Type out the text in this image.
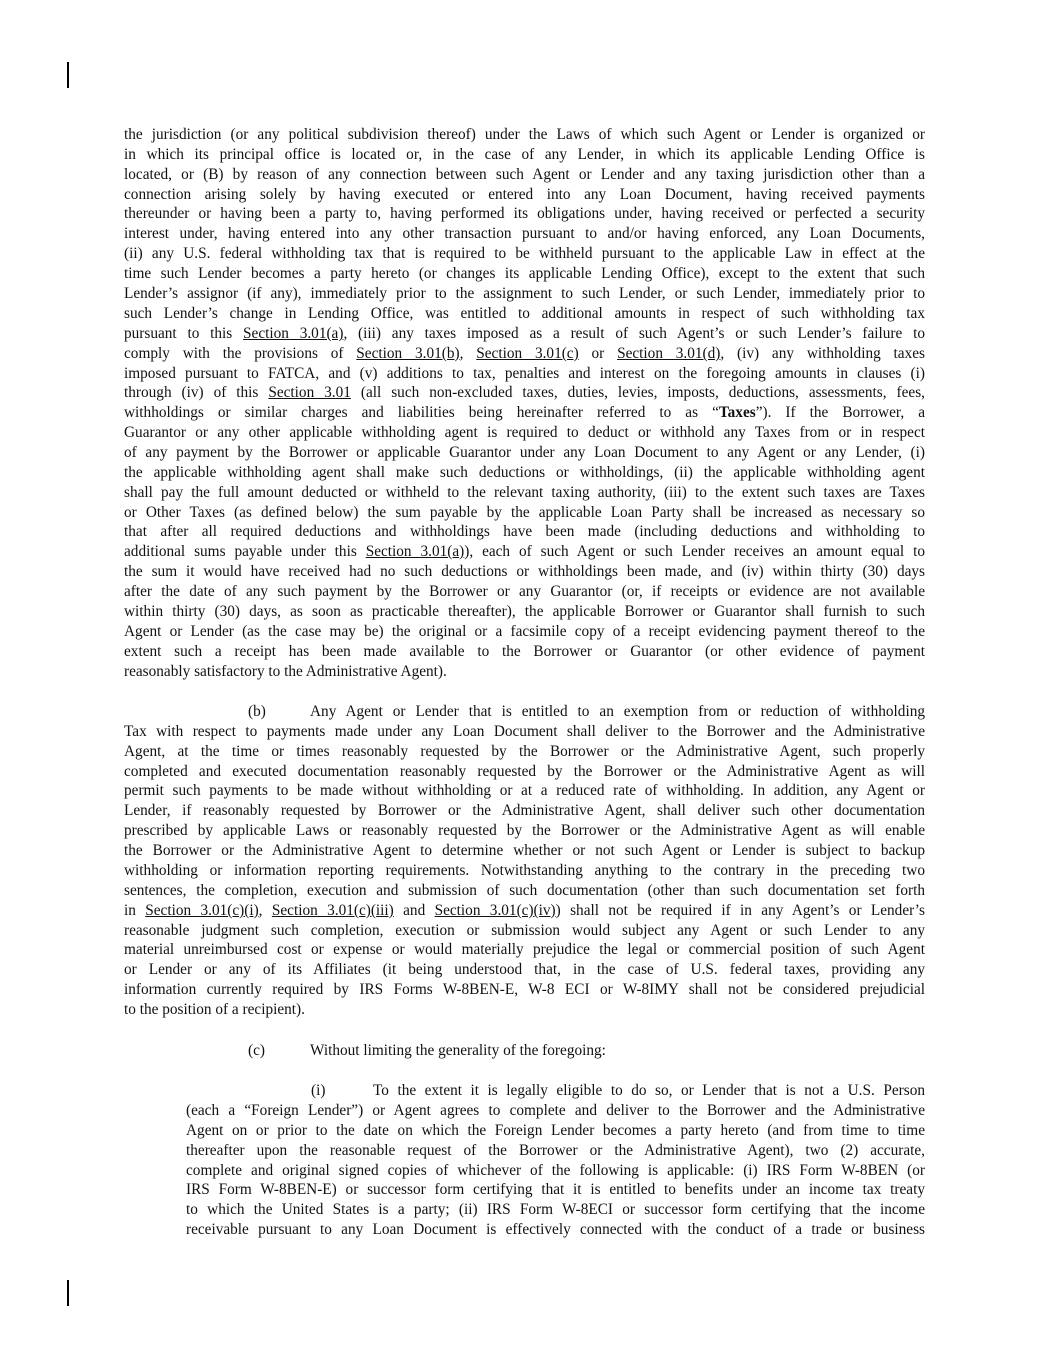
the jurisdiction (or any political subdivision thereof) under the Laws of which such Agent or Lender is organized or
in which its principal office is located or, in the case of any Lender, in which its applicable Lending Office is
located, or (B) by reason of any connection between such Agent or Lender and any taxing jurisdiction other than a
connection arising solely by having executed or entered into any Loan Document, having received payments
thereunder or having been a party to, having performed its obligations under, having received or perfected a security
interest under, having entered into any other transaction pursuant to and/or having enforced, any Loan Documents,
(ii) any U.S. federal withholding tax that is required to be withheld pursuant to the applicable Law in effect at the
time such Lender becomes a party hereto (or changes its applicable Lending Office), except to the extent that such
Lender’s assignor (if any), immediately prior to the assignment to such Lender, or such Lender, immediately prior to
such Lender’s change in Lending Office, was entitled to additional amounts in respect of such withholding tax
pursuant to this Section 3.01(a), (iii) any taxes imposed as a result of such Agent’s or such Lender’s failure to
comply with the provisions of Section 3.01(b), Section 3.01(c) or Section 3.01(d), (iv) any withholding taxes
imposed pursuant to FATCA, and (v) additions to tax, penalties and interest on the foregoing amounts in clauses (i)
through (iv) of this Section 3.01 (all such non-excluded taxes, duties, levies, imposts, deductions, assessments, fees,
withholdings or similar charges and liabilities being hereinafter referred to as “Taxes”). If the Borrower, a
Guarantor or any other applicable withholding agent is required to deduct or withhold any Taxes from or in respect
of any payment by the Borrower or applicable Guarantor under any Loan Document to any Agent or any Lender, (i)
the applicable withholding agent shall make such deductions or withholdings, (ii) the applicable withholding agent
shall pay the full amount deducted or withheld to the relevant taxing authority, (iii) to the extent such taxes are Taxes
or Other Taxes (as defined below) the sum payable by the applicable Loan Party shall be increased as necessary so
that after all required deductions and withholdings have been made (including deductions and withholding to
additional sums payable under this Section 3.01(a)), each of such Agent or such Lender receives an amount equal to
the sum it would have received had no such deductions or withholdings been made, and (iv) within thirty (30) days
after the date of any such payment by the Borrower or any Guarantor (or, if receipts or evidence are not available
within thirty (30) days, as soon as practicable thereafter), the applicable Borrower or Guarantor shall furnish to such
Agent or Lender (as the case may be) the original or a facsimile copy of a receipt evidencing payment thereof to the
extent such a receipt has been made available to the Borrower or Guarantor (or other evidence of payment
reasonably satisfactory to the Administrative Agent).
(b)	Any Agent or Lender that is entitled to an exemption from or reduction of withholding
Tax with respect to payments made under any Loan Document shall deliver to the Borrower and the Administrative
Agent, at the time or times reasonably requested by the Borrower or the Administrative Agent, such properly
completed and executed documentation reasonably requested by the Borrower or the Administrative Agent as will
permit such payments to be made without withholding or at a reduced rate of withholding. In addition, any Agent or
Lender, if reasonably requested by Borrower or the Administrative Agent, shall deliver such other documentation
prescribed by applicable Laws or reasonably requested by the Borrower or the Administrative Agent as will enable
the Borrower or the Administrative Agent to determine whether or not such Agent or Lender is subject to backup
withholding or information reporting requirements. Notwithstanding anything to the contrary in the preceding two
sentences, the completion, execution and submission of such documentation (other than such documentation set forth
in Section 3.01(c)(i), Section 3.01(c)(iii) and Section 3.01(c)(iv)) shall not be required if in any Agent’s or Lender’s
reasonable judgment such completion, execution or submission would subject any Agent or such Lender to any
material unreimbursed cost or expense or would materially prejudice the legal or commercial position of such Agent
or Lender or any of its Affiliates (it being understood that, in the case of U.S. federal taxes, providing any
information currently required by IRS Forms W-8BEN-E, W-8 ECI or W-8IMY shall not be considered prejudicial
to the position of a recipient).
(c)	Without limiting the generality of the foregoing:
(i)	To the extent it is legally eligible to do so, or Lender that is not a U.S. Person
(each a “Foreign Lender”) or Agent agrees to complete and deliver to the Borrower and the Administrative
Agent on or prior to the date on which the Foreign Lender becomes a party hereto (and from time to time
thereafter upon the reasonable request of the Borrower or the Administrative Agent), two (2) accurate,
complete and original signed copies of whichever of the following is applicable: (i) IRS Form W-8BEN (or
IRS Form W-8BEN-E) or successor form certifying that it is entitled to benefits under an income tax treaty
to which the United States is a party; (ii) IRS Form W-8ECI or successor form certifying that the income
receivable pursuant to any Loan Document is effectively connected with the conduct of a trade or business
